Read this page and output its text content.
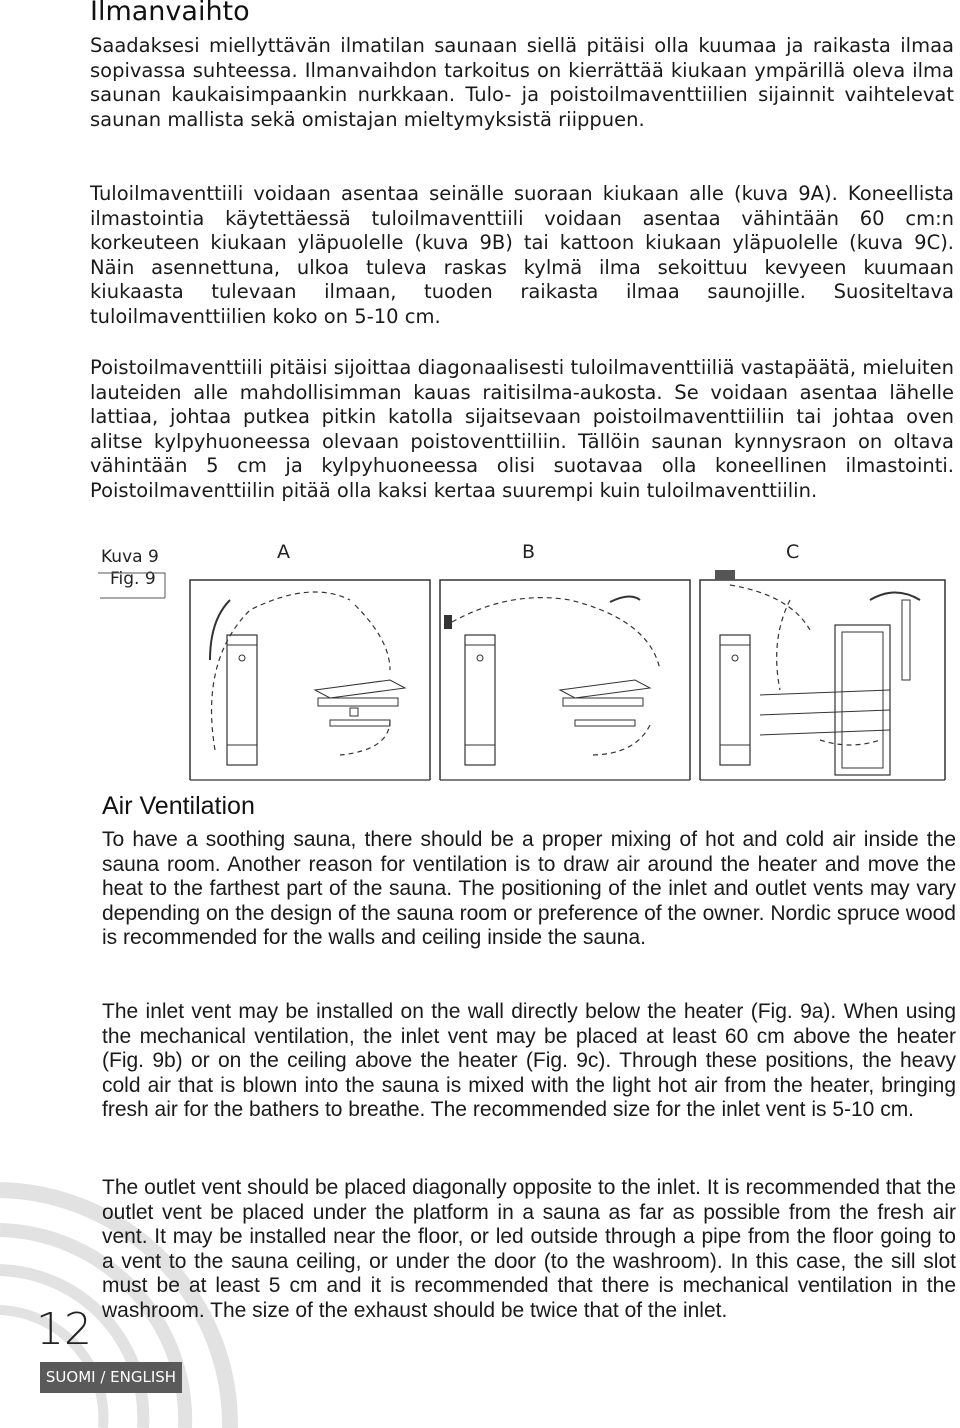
Ilmanvaihto

Saadaksesi miellyttävän ilmatilan saunaan siellä pitäisi olla kuumaa ja raikasta ilmaa sopivassa suhteessa. Ilmanvaihdon tarkoitus on kierrättää kiukaan ympärillä oleva ilma saunan kaukaisimpaankin nurkkaan. Tulo- ja poistoilmaventtiilien sijainnit vaihtelevat saunan mallista sekä omistajan mieltymyksistä riippuen.

Tuloilmaventtiili voidaan asentaa seinälle suoraan kiukaan alle (kuva 9A). Koneellista ilmastointia käytettäessä tuloilmaventtiili voidaan asentaa vähintään 60 cm:n korkeuteen kiukaan yläpuolelle (kuva 9B) tai kattoon kiukaan yläpuolelle (kuva 9C). Näin asennettuna, ulkoa tuleva raskas kylmä ilma sekoittuu kevyeen kuumaan kiukaasta tulevaan ilmaan, tuoden raikasta ilmaa saunojille. Suositeltava tuloilmaventtiilien koko on 5-10 cm.

Poistoilmaventtiili pitäisi sijoittaa diagonaalisesti tuloilmaventtiiliä vastapäätä, mieluiten lauteiden alle mahdollisimman kauas raitisilma-aukosta. Se voidaan asentaa lähelle lattiaa, johtaa putkea pitkin katolla sijaitsevaan poistoilmaventtiiliin tai johtaa oven alitse kylpyhuoneessa olevaan poistoventtiiliin. Tällöin saunan kynnysraon on oltava vähintään 5 cm ja kylpyhuoneessa olisi suotavaa olla koneellinen ilmastointi. Poistoilmaventtiilin pitää olla kaksi kertaa suurempi kuin tuloilmaventtiilin.

Kuva 9
Fig. 9
A	B	C
Air Ventilation

To have a soothing sauna, there should be a proper mixing of hot and cold air inside the sauna room. Another reason for ventilation is to draw air around the heater and move the heat to the farthest part of the sauna. The positioning of the inlet and outlet vents may vary depending on the design of the sauna room or preference of the owner. Nordic spruce wood is recommended for the walls and ceiling inside the sauna.

The inlet vent may be installed on the wall directly below the heater (Fig. 9a). When using the mechanical ventilation, the inlet vent may be placed at least 60 cm above the heater (Fig. 9b) or on the ceiling above the heater (Fig. 9c). Through these positions, the heavy cold air that is blown into the sauna is mixed with the light hot air from the heater, bringing fresh air for the bathers to breathe. The recommended size for the inlet vent is 5-10 cm.

The outlet vent should be placed diagonally opposite to the inlet. It is recommended that the outlet vent be placed under the platform in a sauna as far as possible from the fresh air vent. It may be installed near the floor, or led outside through a pipe from the floor going to a vent to the sauna ceiling, or under the door (to the washroom). In this case, the sill slot must be at least 5 cm and it is recommended that there is mechanical ventilation in the washroom. The size of the exhaust should be twice that of the inlet.

12
SUOMI / ENGLISH
